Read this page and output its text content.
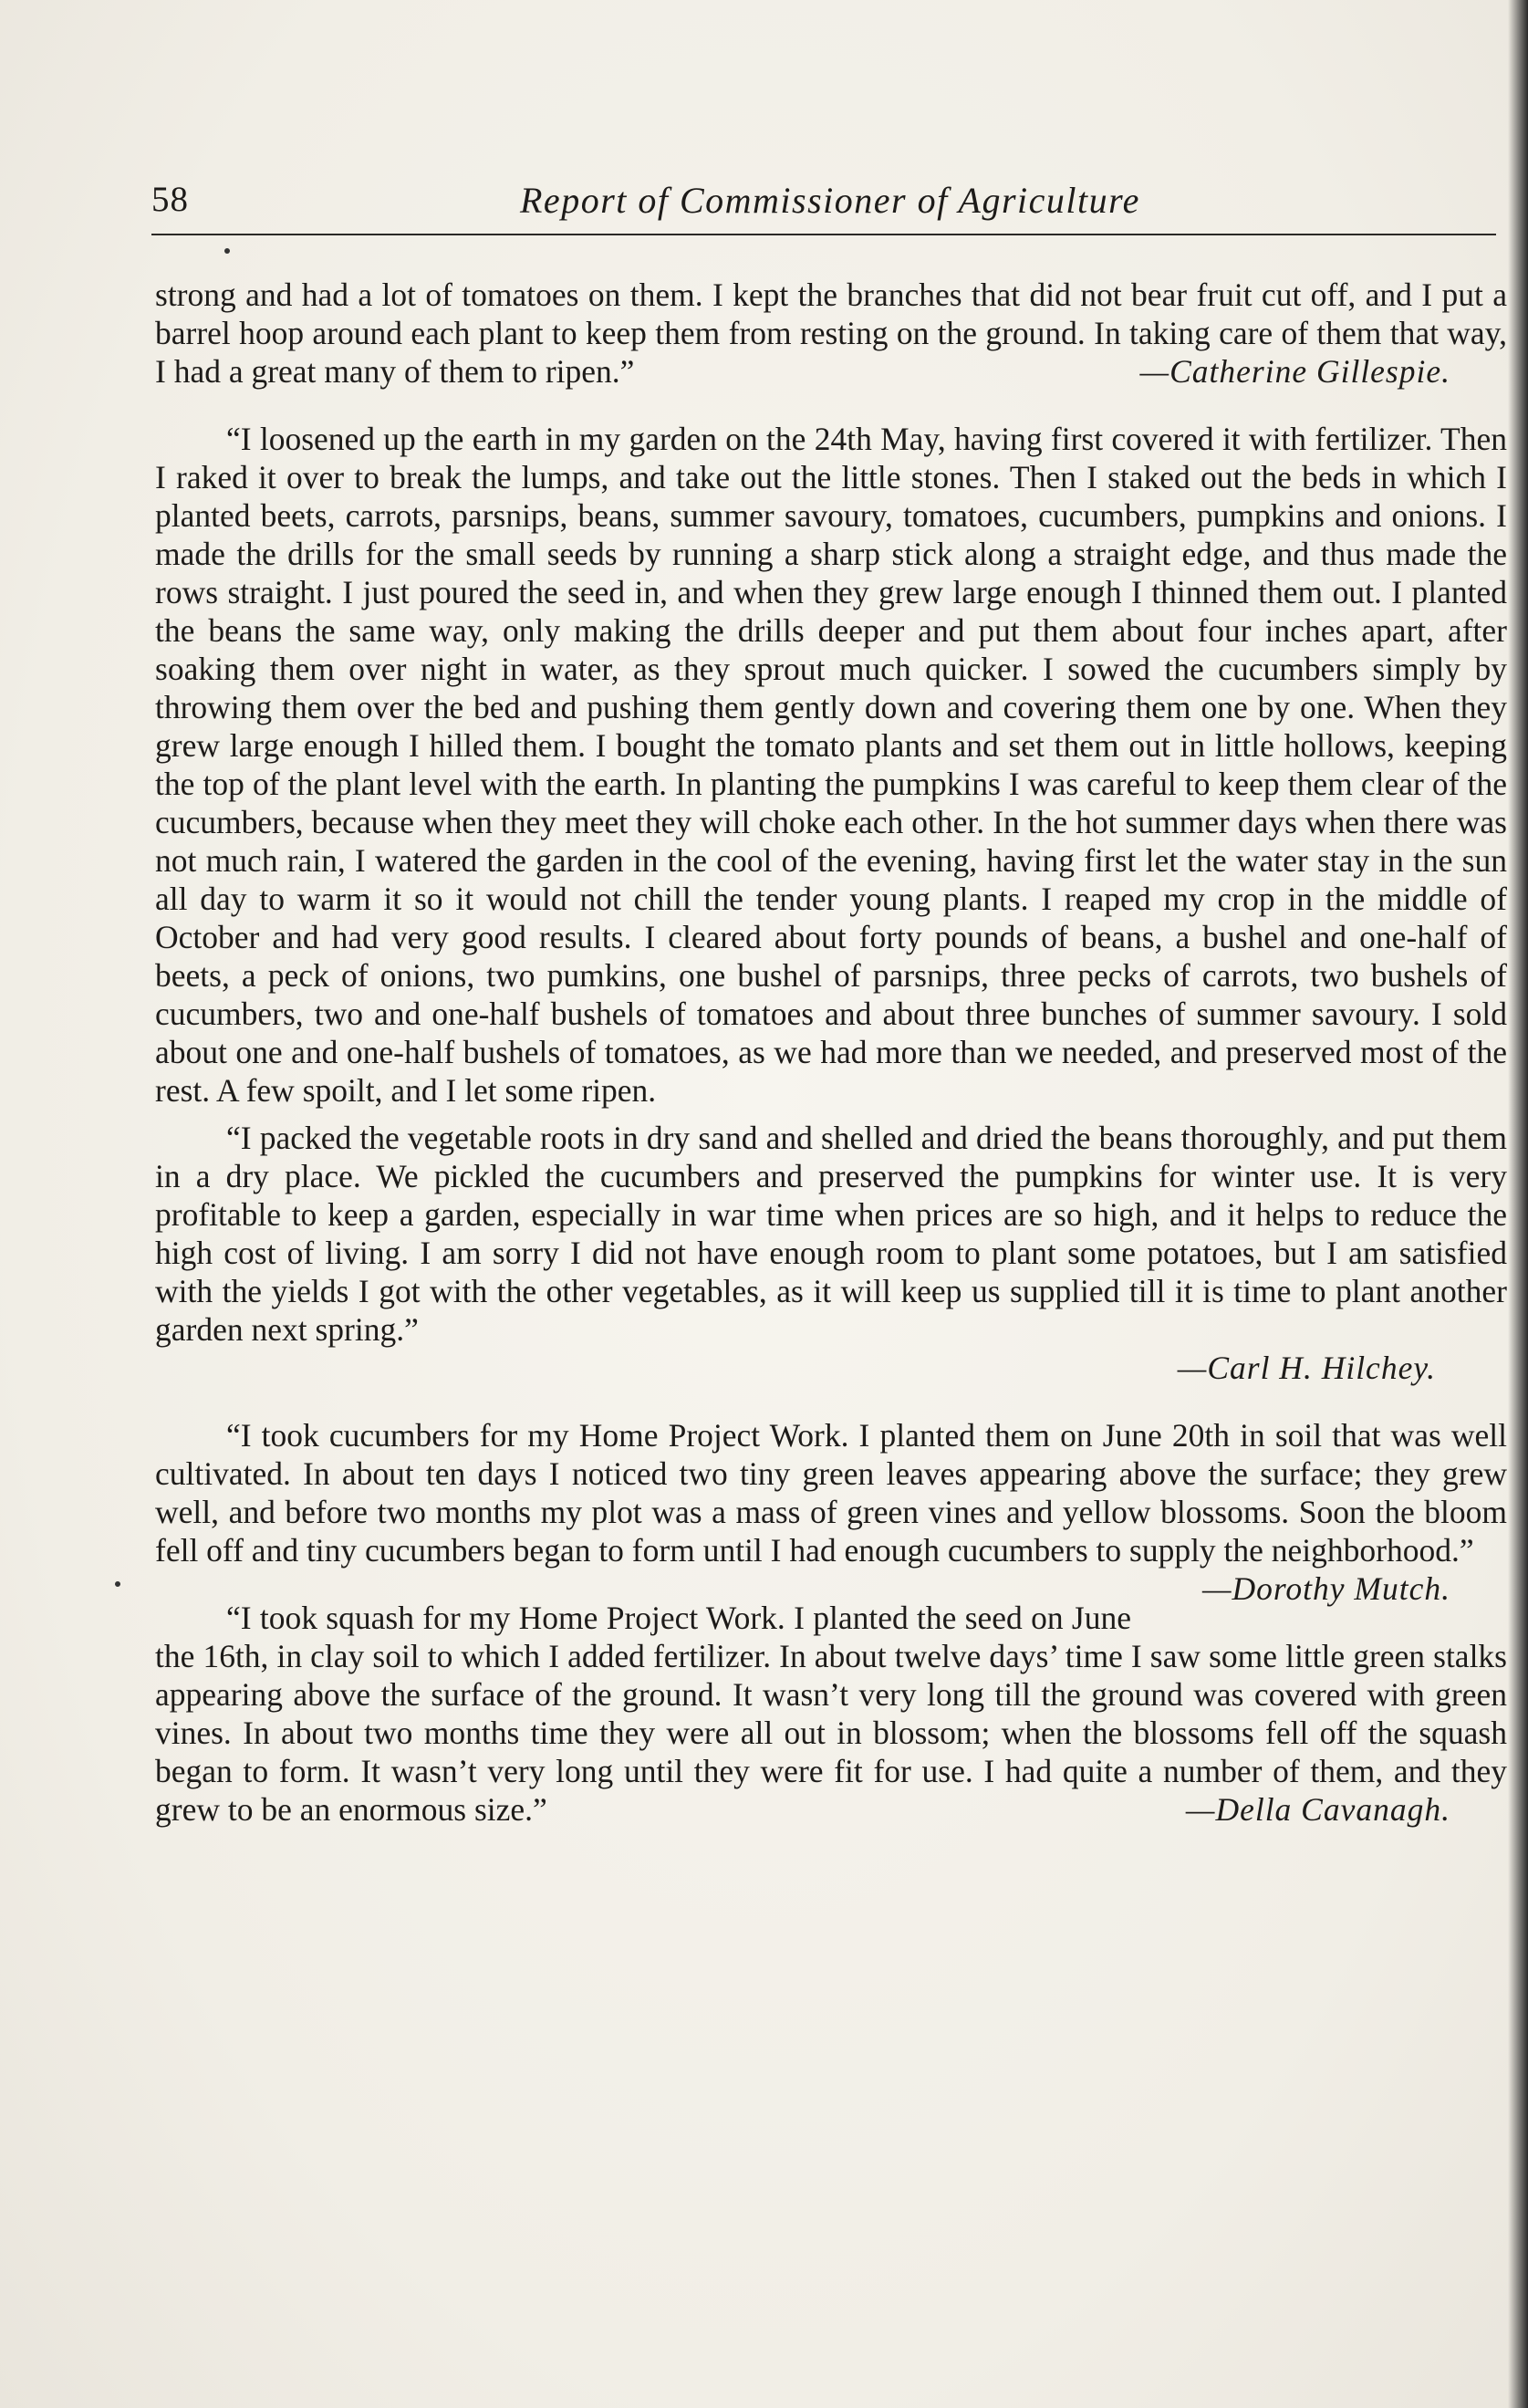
58	Report of Commissioner of Agriculture

strong and had a lot of tomatoes on them. I kept the branches that did not bear fruit cut off, and I put a barrel hoop around each plant to keep them from resting on the ground. In taking care of them that way, I had a great many of them to ripen.”	—Catherine Gillespie.

“I loosened up the earth in my garden on the 24th May, having first covered it with fertilizer. Then I raked it over to break the lumps, and take out the little stones. Then I staked out the beds in which I planted beets, carrots, parsnips, beans, summer savoury, tomatoes, cucumbers, pumpkins and onions. I made the drills for the small seeds by running a sharp stick along a straight edge, and thus made the rows straight. I just poured the seed in, and when they grew large enough I thinned them out. I planted the beans the same way, only making the drills deeper and put them about four inches apart, after soaking them over night in water, as they sprout much quicker. I sowed the cucumbers simply by throwing them over the bed and pushing them gently down and covering them one by one. When they grew large enough I hilled them. I bought the tomato plants and set them out in little hollows, keeping the top of the plant level with the earth. In planting the pumpkins I was careful to keep them clear of the cucumbers, because when they meet they will choke each other. In the hot summer days when there was not much rain, I watered the garden in the cool of the evening, having first let the water stay in the sun all day to warm it so it would not chill the tender young plants. I reaped my crop in the middle of October and had very good results. I cleared about forty pounds of beans, a bushel and one-half of beets, a peck of onions, two pumkins, one bushel of parsnips, three pecks of carrots, two bushels of cucumbers, two and one-half bushels of tomatoes and about three bunches of summer savoury. I sold about one and one-half bushels of tomatoes, as we had more than we needed, and preserved most of the rest. A few spoilt, and I let some ripen.

“I packed the vegetable roots in dry sand and shelled and dried the beans thoroughly, and put them in a dry place. We pickled the cucumbers and preserved the pumpkins for winter use. It is very profitable to keep a garden, especially in war time when prices are so high, and it helps to reduce the high cost of living. I am sorry I did not have enough room to plant some potatoes, but I am satisfied with the yields I got with the other vegetables, as it will keep us supplied till it is time to plant another garden next spring.”

—Carl H. Hilchey.

“I took cucumbers for my Home Project Work. I planted them on June 20th in soil that was well cultivated. In about ten days I noticed two tiny green leaves appearing above the surface; they grew well, and before two months my plot was a mass of green vines and yellow blossoms. Soon the bloom fell off and tiny cucumbers began to form until I had enough cucumbers to supply the neighborhood.”
—Dorothy Mutch.

“I took squash for my Home Project Work. I planted the seed on June the 16th, in clay soil to which I added fertilizer. In about twelve days’ time I saw some little green stalks appearing above the surface of the ground. It wasn’t very long till the ground was covered with green vines. In about two months time they were all out in blossom; when the blossoms fell off the squash began to form. It wasn’t very long until they were fit for use. I had quite a number of them, and they grew to be an enormous size.”	—Della Cavanagh.
